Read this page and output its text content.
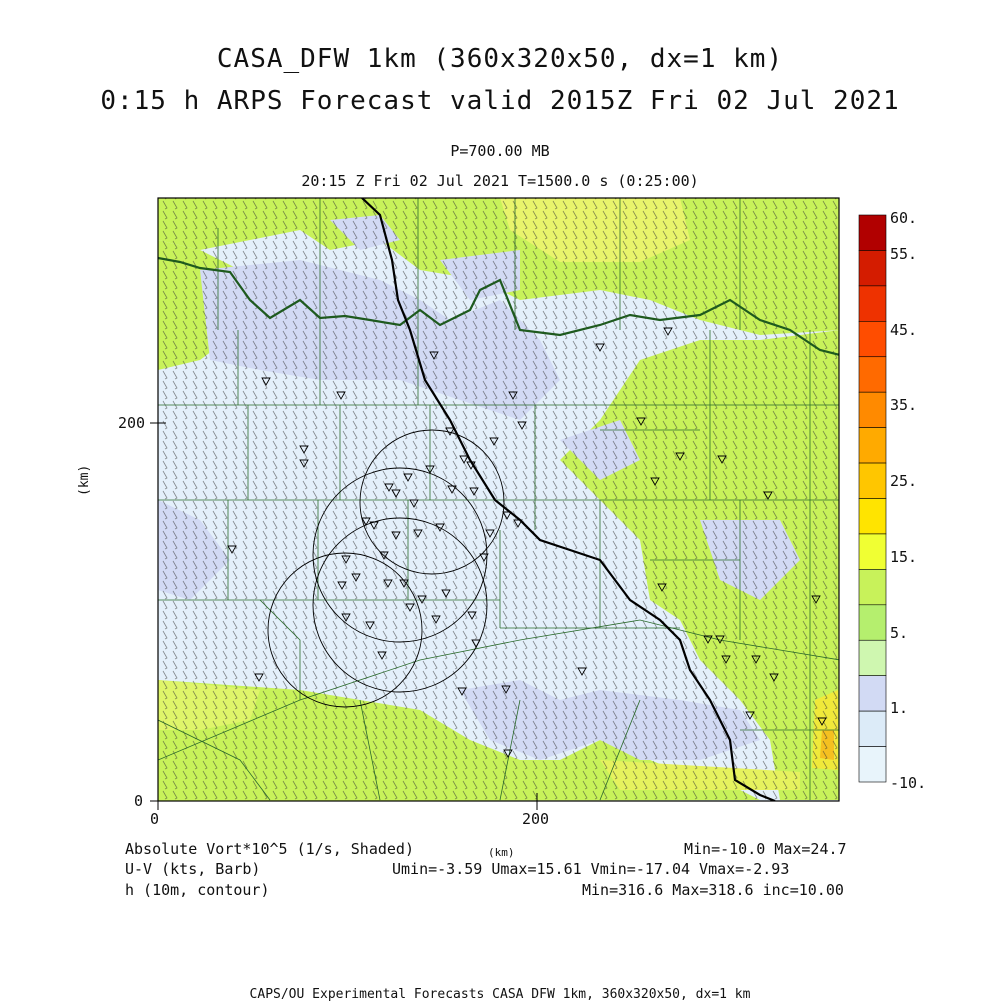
CASA_DFW 1km (360x320x50, dx=1 km)
0:15 h ARPS Forecast valid 2015Z Fri 02 Jul 2021
P=700.00 MB
20:15 Z Fri 02 Jul 2021 T=1500.0 s (0:25:00)
0	200
0
200
(km)
60.
55.
45.
35.
25.
15.
5.
1.
-10.
Absolute Vort*10^5 (1/s, Shaded)	(km)	Min=-10.0 Max=24.7
U-V (kts, Barb)	Umin=-3.59 Umax=15.61 Vmin=-17.04 Vmax=-2.93
h (10m, contour)	Min=316.6 Max=318.6 inc=10.00
CAPS/OU Experimental Forecasts CASA DFW 1km, 360x320x50, dx=1 km
